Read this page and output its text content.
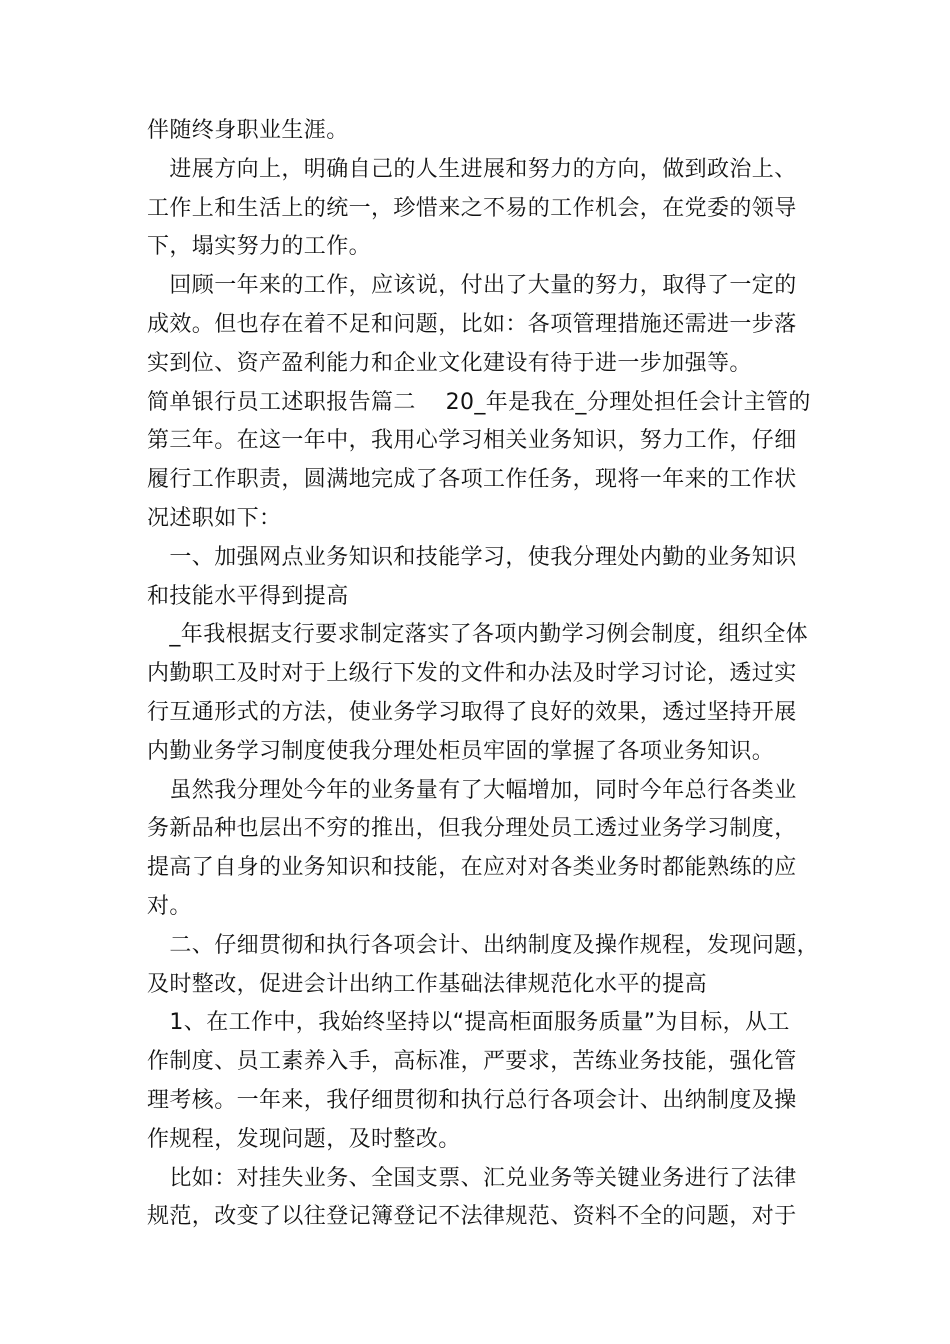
伴随终身职业生涯。
　进展方向上，明确自己的人生进展和努力的方向，做到政治上、
工作上和生活上的统一，珍惜来之不易的工作机会，在党委的领导
下，塌实努力的工作。
　回顾一年来的工作，应该说，付出了大量的努力，取得了一定的
成效。但也存在着不足和问题，比如：各项管理措施还需进一步落
实到位、资产盈利能力和企业文化建设有待于进一步加强等。
简单银行员工述职报告篇二　 20_年是我在_分理处担任会计主管的
第三年。在这一年中，我用心学习相关业务知识，努力工作，仔细
履行工作职责，圆满地完成了各项工作任务，现将一年来的工作状
况述职如下：
　一、加强网点业务知识和技能学习，使我分理处内勤的业务知识
和技能水平得到提高
　_年我根据支行要求制定落实了各项内勤学习例会制度，组织全体
内勤职工及时对于上级行下发的文件和办法及时学习讨论，透过实
行互通形式的方法，使业务学习取得了良好的效果，透过坚持开展
内勤业务学习制度使我分理处柜员牢固的掌握了各项业务知识。
　虽然我分理处今年的业务量有了大幅增加，同时今年总行各类业
务新品种也层出不穷的推出，但我分理处员工透过业务学习制度，
提高了自身的业务知识和技能，在应对对各类业务时都能熟练的应
对。
　二、仔细贯彻和执行各项会计、出纳制度及操作规程，发现问题，
及时整改，促进会计出纳工作基础法律规范化水平的提高
　1、在工作中，我始终坚持以“提高柜面服务质量”为目标，从工
作制度、员工素养入手，高标准，严要求，苦练业务技能，强化管
理考核。一年来，我仔细贯彻和执行总行各项会计、出纳制度及操
作规程，发现问题，及时整改。
　比如：对挂失业务、全国支票、汇兑业务等关键业务进行了法律
规范，改变了以往登记簿登记不法律规范、资料不全的问题，对于
